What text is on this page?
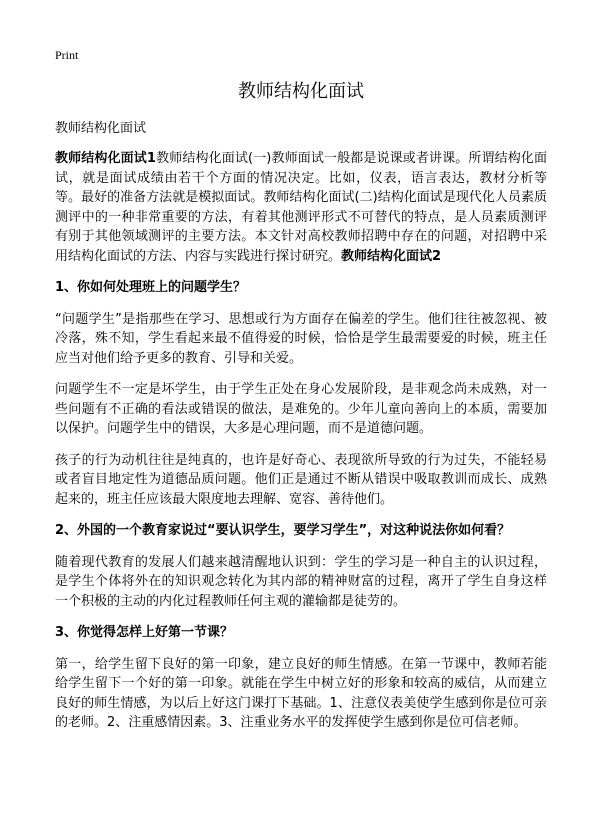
Print
教师结构化面试
教师结构化面试

教师结构化面试1教师结构化面试(一)教师面试一般都是说课或者讲课。所谓结构化面试，就是面试成绩由若干个方面的情况决定。比如，仪表，语言表达，教材分析等等。最好的准备方法就是模拟面试。教师结构化面试(二)结构化面试是现代化人员素质测评中的一种非常重要的方法，有着其他测评形式不可替代的特点，是人员素质测评有别于其他领域测评的主要方法。本文针对高校教师招聘中存在的问题，对招聘中采用结构化面试的方法、内容与实践进行探讨研究。教师结构化面试2

1、你如何处理班上的问题学生？

“问题学生”是指那些在学习、思想或行为方面存在偏差的学生。他们往往被忽视、被冷落，殊不知，学生看起来最不值得爱的时候，恰恰是学生最需要爱的时候，班主任应当对他们给予更多的教育、引导和关爱。

问题学生不一定是坏学生，由于学生正处在身心发展阶段，是非观念尚未成熟，对一些问题有不正确的看法或错误的做法，是难免的。少年儿童向善向上的本质，需要加以保护。问题学生中的错误，大多是心理问题，而不是道德问题。

孩子的行为动机往往是纯真的，也许是好奇心、表现欲所导致的行为过失，不能轻易或者盲目地定性为道德品质问题。他们正是通过不断从错误中吸取教训而成长、成熟起来的，班主任应该最大限度地去理解、宽容、善待他们。

2、外国的一个教育家说过“要认识学生，要学习学生”，对这种说法你如何看？

随着现代教育的发展人们越来越清醒地认识到：学生的学习是一种自主的认识过程，是学生个体将外在的知识观念转化为其内部的精神财富的过程，离开了学生自身这样一个积极的主动的内化过程教师任何主观的灌输都是徒劳的。

3、你觉得怎样上好第一节课？

第一，给学生留下良好的第一印象，建立良好的师生情感。在第一节课中，教师若能给学生留下一个好的第一印象。就能在学生中树立好的形象和较高的威信，从而建立良好的师生情感，为以后上好这门课打下基础。1、注意仪表美使学生感到你是位可亲的老师。2、注重感情因素。3、注重业务水平的发挥使学生感到你是位可信老师。
